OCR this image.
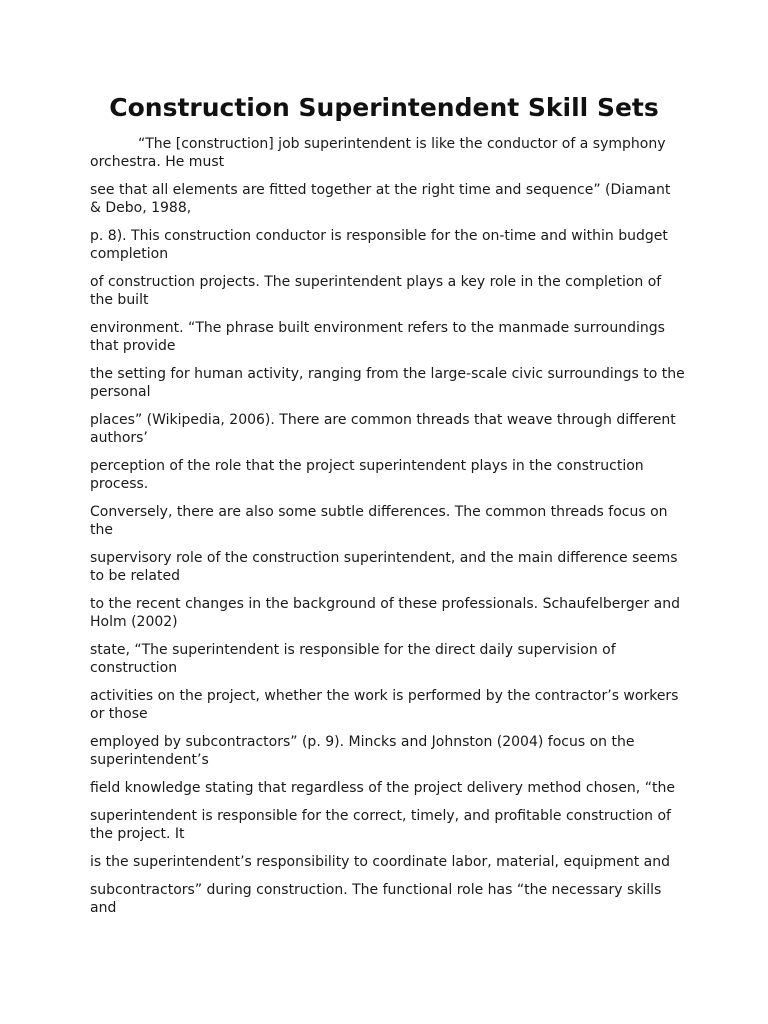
Construction Superintendent Skill Sets

“The [construction] job superintendent is like the conductor of a symphony
orchestra. He must

see that all elements are fitted together at the right time and sequence” (Diamant
& Debo, 1988,

p. 8). This construction conductor is responsible for the on-time and within budget
completion

of construction projects. The superintendent plays a key role in the completion of
the built

environment. “The phrase built environment refers to the manmade surroundings
that provide

the setting for human activity, ranging from the large-scale civic surroundings to the
personal

places” (Wikipedia, 2006). There are common threads that weave through different
authors’

perception of the role that the project superintendent plays in the construction
process.

Conversely, there are also some subtle differences. The common threads focus on
the

supervisory role of the construction superintendent, and the main difference seems
to be related

to the recent changes in the background of these professionals. Schaufelberger and
Holm (2002)

state, “The superintendent is responsible for the direct daily supervision of
construction

activities on the project, whether the work is performed by the contractor’s workers
or those

employed by subcontractors” (p. 9). Mincks and Johnston (2004) focus on the
superintendent’s

field knowledge stating that regardless of the project delivery method chosen, “the

superintendent is responsible for the correct, timely, and profitable construction of
the project. It

is the superintendent’s responsibility to coordinate labor, material, equipment and

subcontractors” during construction. The functional role has “the necessary skills
and
